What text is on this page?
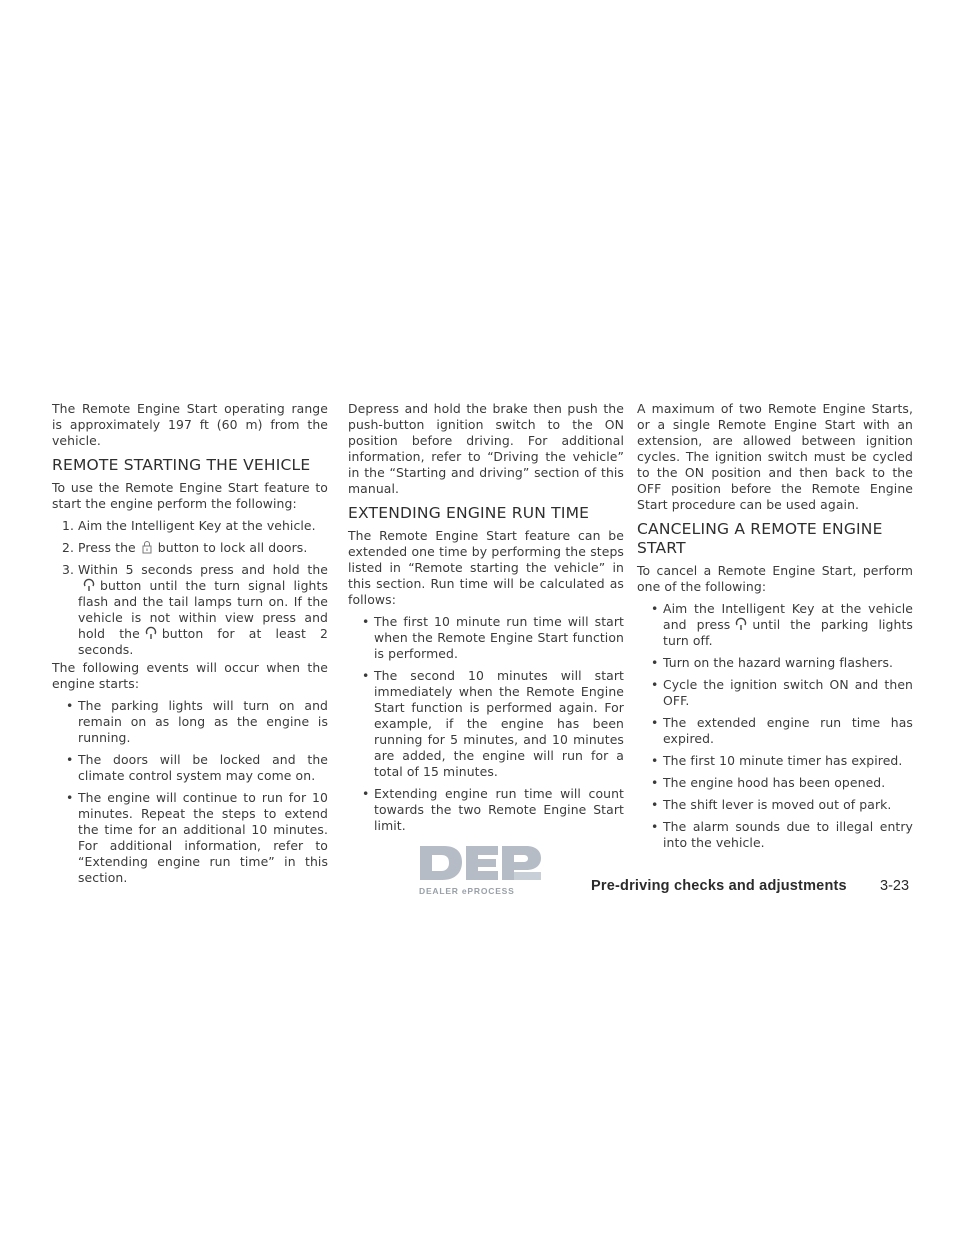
The Remote Engine Start operating range is approximately 197 ft (60 m) from the vehicle.

REMOTE STARTING THE VEHICLE

To use the Remote Engine Start feature to start the engine perform the following:

1. Aim the Intelligent Key at the vehicle.
2. Press the button to lock all doors.
3. Within 5 seconds press and hold thebutton until the turn signal lights flash and the tail lamps turn on. If the vehicle is not within view press and hold the button for at least 2 seconds.

The following events will occur when the engine starts:

• The parking lights will turn on and remain on as long as the engine is running.
• The doors will be locked and the climate control system may come on.
• The engine will continue to run for 10 minutes. Repeat the steps to extend the time for an additional 10 minutes. For additional information, refer to “Extending engine run time” in this section.

Depress and hold the brake then push the push-button ignition switch to the ON position before driving. For additional information, refer to “Driving the vehicle” in the “Starting and driving” section of this manual.

EXTENDING ENGINE RUN TIME

The Remote Engine Start feature can be extended one time by performing the steps listed in “Remote starting the vehicle” in this section. Run time will be calculated as follows:

• The first 10 minute run time will start when the Remote Engine Start function is performed.
• The second 10 minutes will start immediately when the Remote Engine Start function is performed again. For example, if the engine has been running for 5 minutes, and 10 minutes are added, the engine will run for a total of 15 minutes.
• Extending engine run time will count towards the two Remote Engine Start limit.

A maximum of two Remote Engine Starts, or a single Remote Engine Start with an extension, are allowed between ignition cycles. The ignition switch must be cycled to the ON position and then back to the OFF position before the Remote Engine Start procedure can be used again.

CANCELING A REMOTE ENGINE START

To cancel a Remote Engine Start, perform one of the following:

• Aim the Intelligent Key at the vehicle and press until the parking lights turn off.
• Turn on the hazard warning flashers.
• Cycle the ignition switch ON and then OFF.
• The extended engine run time has expired.
• The first 10 minute timer has expired.
• The engine hood has been opened.
• The shift lever is moved out of park.
• The alarm sounds due to illegal entry into the vehicle.
DEALER ePROCESS	Pre-driving checks and adjustments 3-23
